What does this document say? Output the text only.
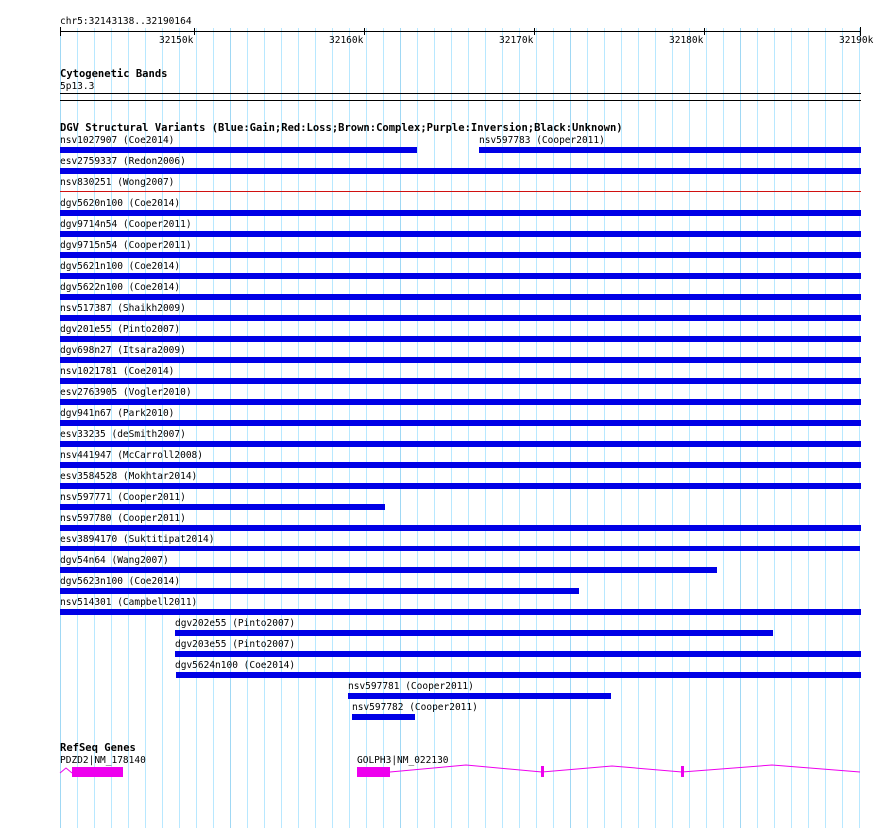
chr5:32143138..32190164
32150k	32160k	32170k	32180k	32190k
Cytogenetic Bands
5p13.3
DGV Structural Variants (Blue:Gain;Red:Loss;Brown:Complex;Purple:Inversion;Black:Unknown)
nsv1027907 (Coe2014)	nsv597783 (Cooper2011)
esv2759337 (Redon2006)
nsv830251 (Wong2007)
dgv5620n100 (Coe2014)
dgv9714n54 (Cooper2011)
dgv9715n54 (Cooper2011)
dgv5621n100 (Coe2014)
dgv5622n100 (Coe2014)
nsv517387 (Shaikh2009)
dgv201e55 (Pinto2007)
dgv698n27 (Itsara2009)
nsv1021781 (Coe2014)
esv2763905 (Vogler2010)
dgv941n67 (Park2010)
esv33235 (deSmith2007)
nsv441947 (McCarroll2008)
esv3584528 (Mokhtar2014)
nsv597771 (Cooper2011)
nsv597780 (Cooper2011)
esv3894170 (Suktitipat2014)
dgv54n64 (Wang2007)
dgv5623n100 (Coe2014)
nsv514301 (Campbell2011)
dgv202e55 (Pinto2007)
dgv203e55 (Pinto2007)
dgv5624n100 (Coe2014)
nsv597781 (Cooper2011)
nsv597782 (Cooper2011)
RefSeq Genes
PDZD2|NM_178140	GOLPH3|NM_022130
